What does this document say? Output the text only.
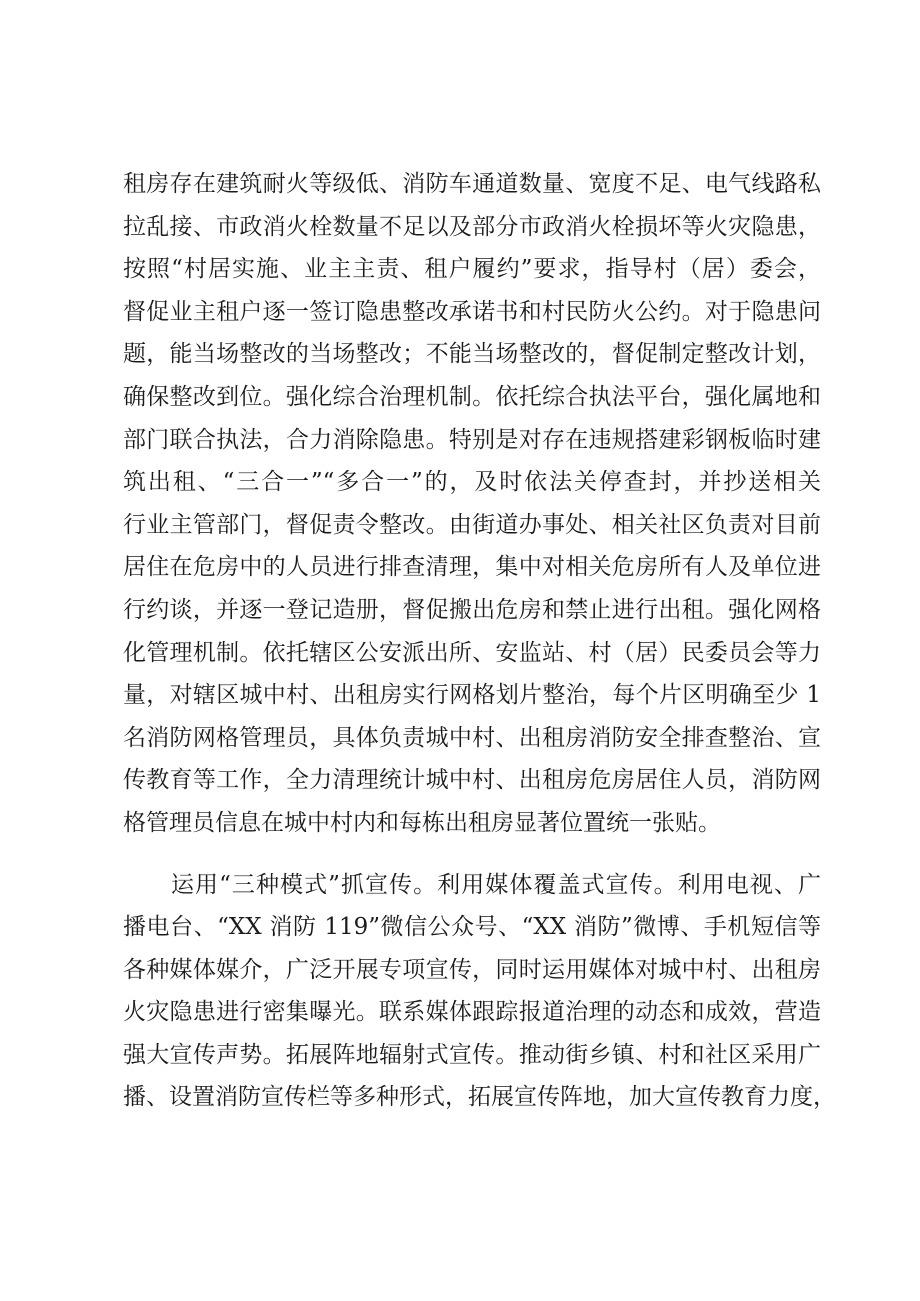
租房存在建筑耐火等级低、消防车通道数量、宽度不足、电气线路私
拉乱接、市政消火栓数量不足以及部分市政消火栓损坏等火灾隐患，
按照“村居实施、业主主责、租户履约”要求，指导村（居）委会，
督促业主租户逐一签订隐患整改承诺书和村民防火公约。对于隐患问
题，能当场整改的当场整改；不能当场整改的，督促制定整改计划，
确保整改到位。强化综合治理机制。依托综合执法平台，强化属地和
部门联合执法，合力消除隐患。特别是对存在违规搭建彩钢板临时建
筑出租、“三合一”“多合一”的，及时依法关停查封，并抄送相关
行业主管部门，督促责令整改。由街道办事处、相关社区负责对目前
居住在危房中的人员进行排查清理，集中对相关危房所有人及单位进
行约谈，并逐一登记造册，督促搬出危房和禁止进行出租。强化网格
化管理机制。依托辖区公安派出所、安监站、村（居）民委员会等力
量，对辖区城中村、出租房实行网格划片整治，每个片区明确至少 1
名消防网格管理员，具体负责城中村、出租房消防安全排查整治、宣
传教育等工作，全力清理统计城中村、出租房危房居住人员，消防网
格管理员信息在城中村内和每栋出租房显著位置统一张贴。
运用“三种模式”抓宣传。利用媒体覆盖式宣传。利用电视、广
播电台、“XX 消防 119”微信公众号、“XX 消防”微博、手机短信等
各种媒体媒介，广泛开展专项宣传，同时运用媒体对城中村、出租房
火灾隐患进行密集曝光。联系媒体跟踪报道治理的动态和成效，营造
强大宣传声势。拓展阵地辐射式宣传。推动街乡镇、村和社区采用广
播、设置消防宣传栏等多种形式，拓展宣传阵地，加大宣传教育力度，
